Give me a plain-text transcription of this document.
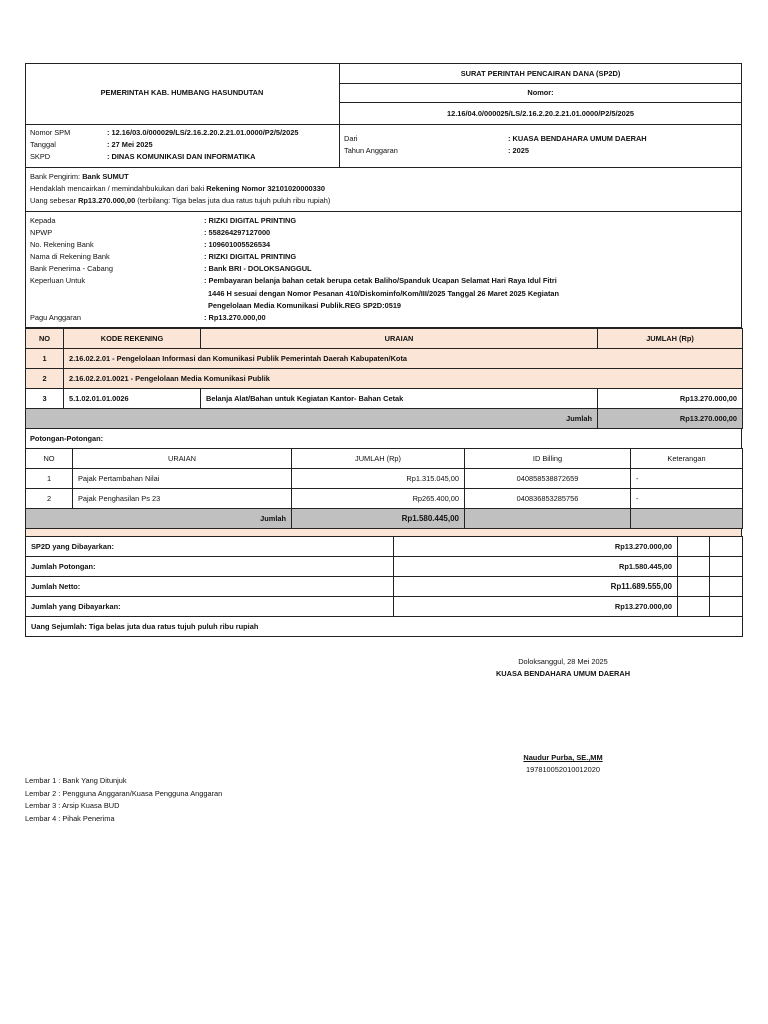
PEMERINTAH KAB. HUMBANG HASUNDUTAN
SURAT PERINTAH PENCAIRAN DANA (SP2D)
Nomor:
12.16/04.0/000025/LS/2.16.2.20.2.21.01.0000/P2/5/2025
Nomor SPM	: 12.16/03.0/000029/LS/2.16.2.20.2.21.01.0000/P2/5/2025
Tanggal	: 27 Mei 2025
SKPD	: DINAS KOMUNIKASI DAN INFORMATIKA
Dari	: KUASA BENDAHARA UMUM DAERAH
Tahun Anggaran	: 2025
Bank Pengirim: Bank SUMUT
Hendaklah mencairkan / memindahbukukan dari baki Rekening Nomor 32101020000330
Uang sebesar Rp13.270.000,00 (terbilang: Tiga belas juta dua ratus tujuh puluh ribu rupiah)
Kepada	: RIZKI DIGITAL PRINTING
NPWP	: 558264297127000
No. Rekening Bank	: 109601005526534
Nama di Rekening Bank	: RIZKI DIGITAL PRINTING
Bank Penerima - Cabang	: Bank BRI - DOLOKSANGGUL
Keperluan Untuk	: Pembayaran belanja bahan cetak berupa cetak Baliho/Spanduk Ucapan Selamat Hari Raya Idul Fitri
1446 H sesuai dengan Nomor Pesanan 410/Diskominfo/Kom/III/2025 Tanggal 26 Maret 2025 Kegiatan
Pengelolaan Media Komunikasi Publik.REG SP2D:0519
Pagu Anggaran	: Rp13.270.000,00
NO	KODE REKENING	URAIAN	JUMLAH (Rp)
1	2.16.02.2.01 - Pengelolaan Informasi dan Komunikasi Publik Pemerintah Daerah Kabupaten/Kota		
2	2.16.02.2.01.0021 - Pengelolaan Media Komunikasi Publik		
3	5.1.02.01.01.0026	Belanja Alat/Bahan untuk Kegiatan Kantor- Bahan Cetak	Rp13.270.000,00
Jumlah			Rp13.270.000,00
Potongan-Potongan:
NO	URAIAN	JUMLAH (Rp)	ID Billing	Keterangan
1	Pajak Pertambahan Nilai	Rp1.315.045,00	040858538872659	-
2	Pajak Penghasilan Ps 23	Rp265.400,00	040836853285756	-
Jumlah		Rp1.580.445,00		
SP2D yang Dibayarkan:	Rp13.270.000,00		
Jumlah Potongan:	Rp1.580.445,00		
Jumlah Netto:	Rp11.689.555,00		
Jumlah yang Dibayarkan:	Rp13.270.000,00		
Uang Sejumlah: Tiga belas juta dua ratus tujuh puluh ribu rupiah			
Doloksanggul, 28 Mei 2025
KUASA BENDAHARA UMUM DAERAH
Naudur Purba, SE.,MM
197810052010012020
Lembar 1 : Bank Yang Ditunjuk
Lembar 2 : Pengguna Anggaran/Kuasa Pengguna Anggaran
Lembar 3 : Arsip Kuasa BUD
Lembar 4 : Pihak Penerima
